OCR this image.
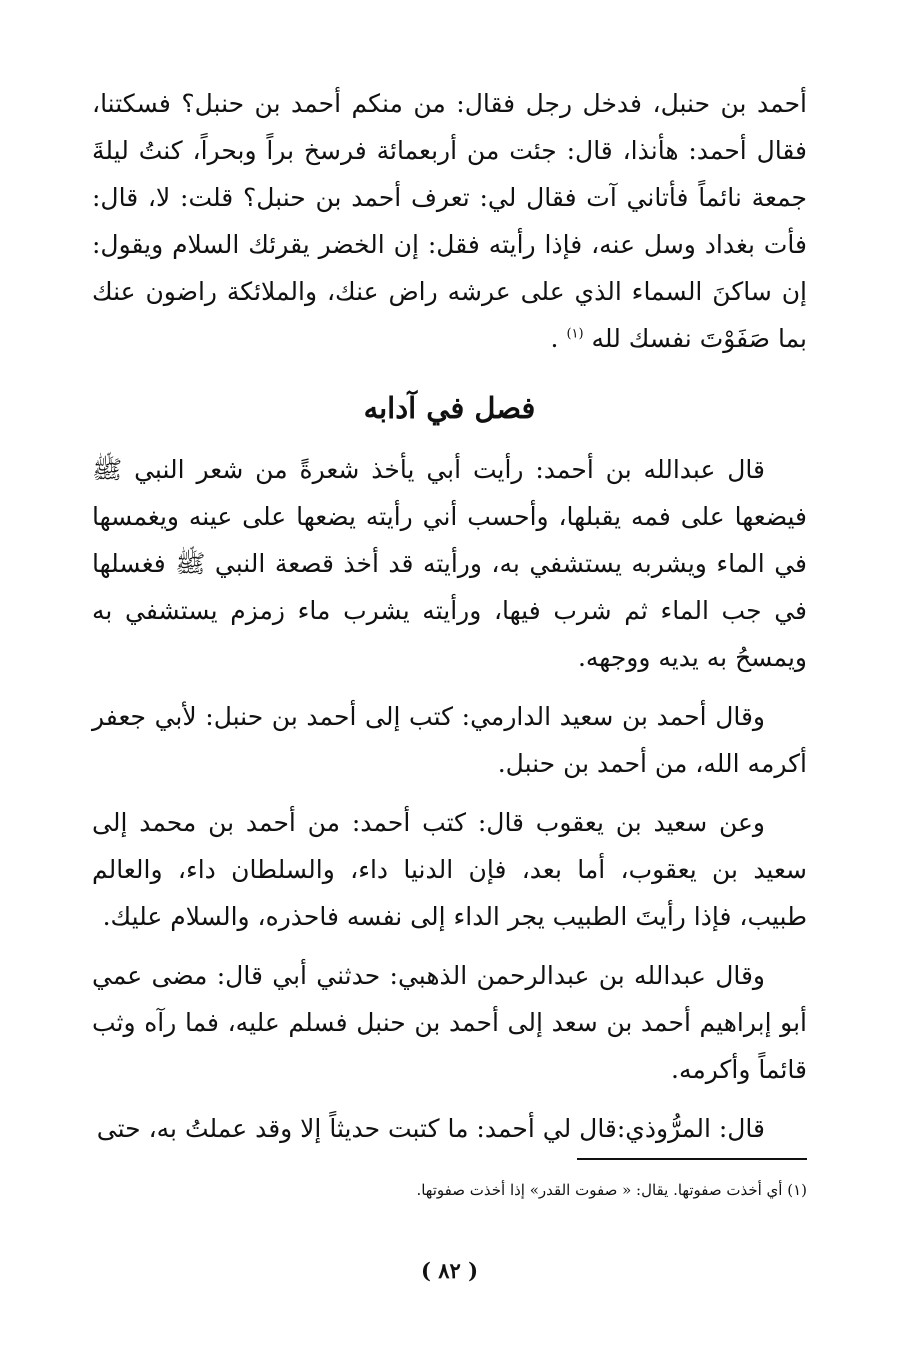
أحمد بن حنبل، فدخل رجل فقال: من منكم أحمد بن حنبل؟ فسكتنا، فقال أحمد: هأنذا، قال: جئت من أربعمائة فرسخ براً وبحراً، كنتُ ليلةَ جمعة نائماً فأتاني آت فقال لي: تعرف أحمد بن حنبل؟ قلت: لا، قال: فأت بغداد وسل عنه، فإذا رأيته فقل: إن الخضر يقرئك السلام ويقول: إن ساكنَ السماء الذي على عرشه راض عنك، والملائكة راضون عنك بما صَفَوْتَ نفسك لله $^{(١)}$ .

فصل في آدابه

قال عبدالله بن أحمد: رأيت أبي يأخذ شعرةً من شعر النبي ﷺ فيضعها على فمه يقبلها، وأحسب أني رأيته يضعها على عينه ويغمسها في الماء ويشربه يستشفي به، ورأيته قد أخذ قصعة النبي ﷺ فغسلها في جب الماء ثم شرب فيها، ورأيته يشرب ماء زمزم يستشفي به ويمسحُ به يديه ووجهه.

وقال أحمد بن سعيد الدارمي: كتب إلى أحمد بن حنبل: لأبي جعفر أكرمه الله، من أحمد بن حنبل.

وعن سعيد بن يعقوب قال: كتب أحمد: من أحمد بن محمد إلى سعيد بن يعقوب، أما بعد، فإن الدنيا داء، والسلطان داء، والعالم طبيب، فإذا رأيتَ الطبيب يجر الداء إلى نفسه فاحذره، والسلام عليك.

وقال عبدالله بن عبدالرحمن الذهبي: حدثني أبي قال: مضى عمي أبو إبراهيم أحمد بن سعد إلى أحمد بن حنبل فسلم عليه، فما رآه وثب قائماً وأكرمه.

قال: المرُّوذي:قال لي أحمد: ما كتبت حديثاً إلا وقد عملتُ به، حتى

(١) أي أخذت صفوتها. يقال: « صفوت القدر» إذا أخذت صفوتها.
( ٨٢ )
